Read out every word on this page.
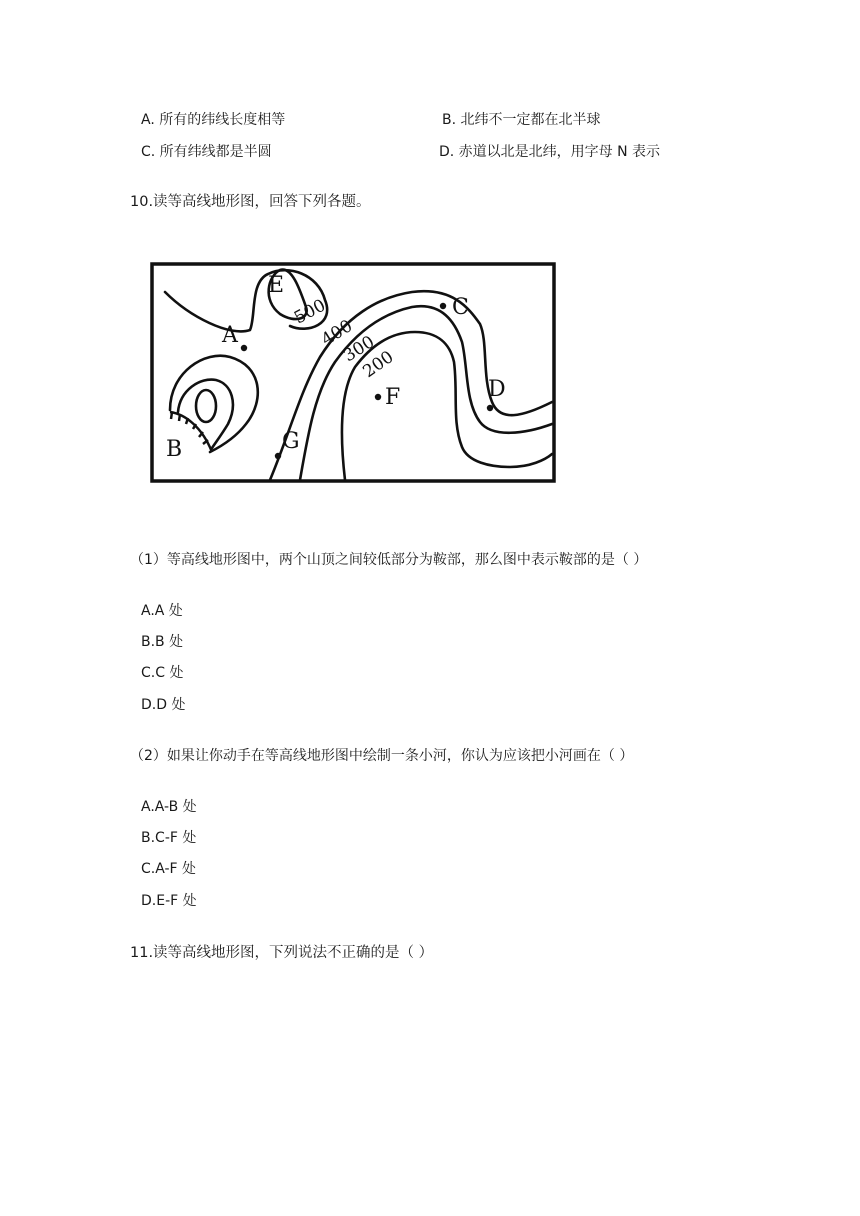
A. 所有的纬线长度相等	B. 北纬不一定都在北半球
C. 所有纬线都是半圆	D. 赤道以北是北纬，用字母 N 表示
10.读等高线地形图，回答下列各题。
A
B
C
D
E
F
G
500
400
300
200
（1）等高线地形图中，两个山顶之间较低部分为鞍部，那么图中表示鞍部的是（ ）
A.A 处
B.B 处
C.C 处
D.D 处
（2）如果让你动手在等高线地形图中绘制一条小河，你认为应该把小河画在（ ）
A.A-B 处
B.C-F 处
C.A-F 处
D.E-F 处
11.读等高线地形图，下列说法不正确的是（ ）
